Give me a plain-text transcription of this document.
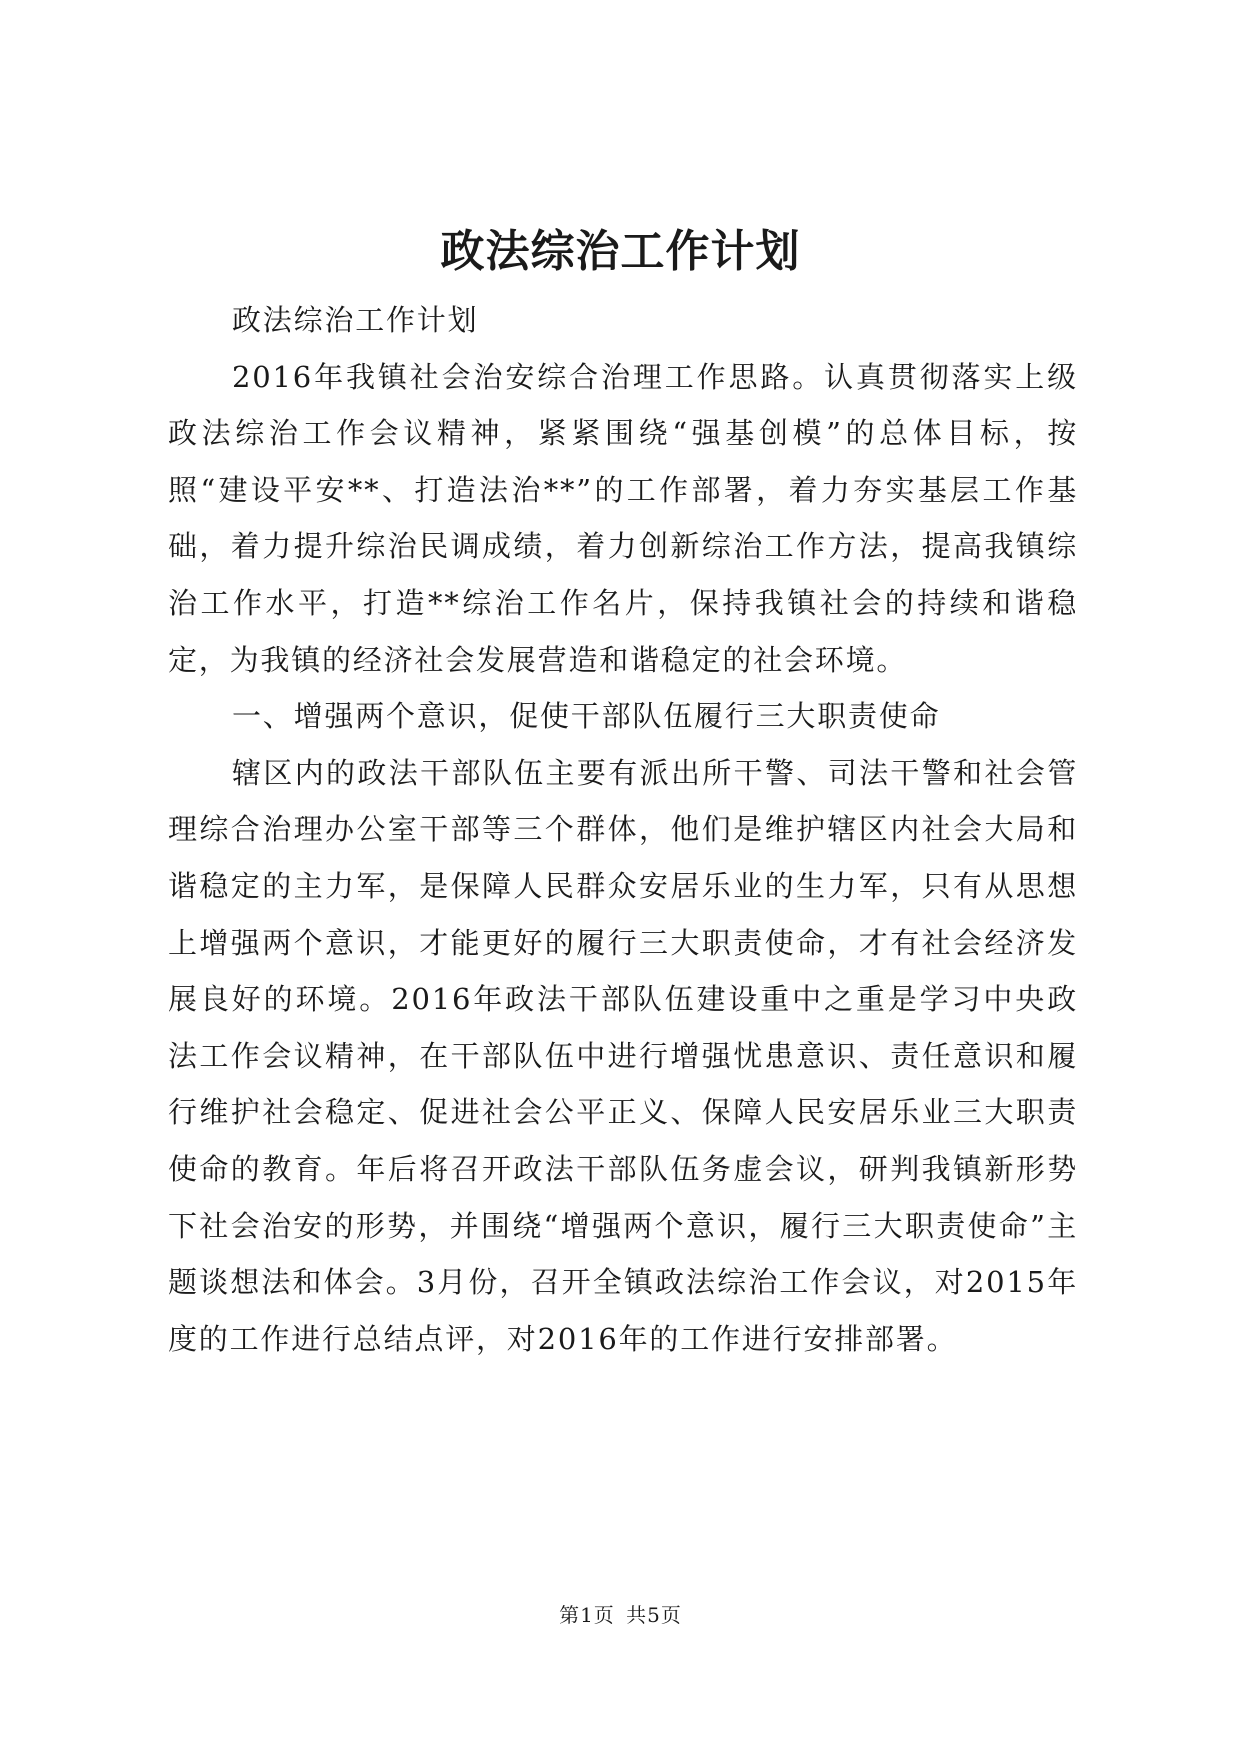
政法综治工作计划

政法综治工作计划

2016年我镇社会治安综合治理工作思路。认真贯彻落实上级政法综治工作会议精神，紧紧围绕“强基创模”的总体目标，按照“建设平安**、打造法治**”的工作部署，着力夯实基层工作基础，着力提升综治民调成绩，着力创新综治工作方法，提高我镇综治工作水平，打造**综治工作名片，保持我镇社会的持续和谐稳定，为我镇的经济社会发展营造和谐稳定的社会环境。

一、增强两个意识，促使干部队伍履行三大职责使命

辖区内的政法干部队伍主要有派出所干警、司法干警和社会管理综合治理办公室干部等三个群体，他们是维护辖区内社会大局和谐稳定的主力军，是保障人民群众安居乐业的生力军，只有从思想上增强两个意识，才能更好的履行三大职责使命，才有社会经济发展良好的环境。2016年政法干部队伍建设重中之重是学习中央政法工作会议精神，在干部队伍中进行增强忧患意识、责任意识和履行维护社会稳定、促进社会公平正义、保障人民安居乐业三大职责使命的教育。年后将召开政法干部队伍务虚会议，研判我镇新形势下社会治安的形势，并围绕“增强两个意识，履行三大职责使命”主题谈想法和体会。3月份，召开全镇政法综治工作会议，对2015年度的工作进行总结点评，对2016年的工作进行安排部署。

第1页 共5页
